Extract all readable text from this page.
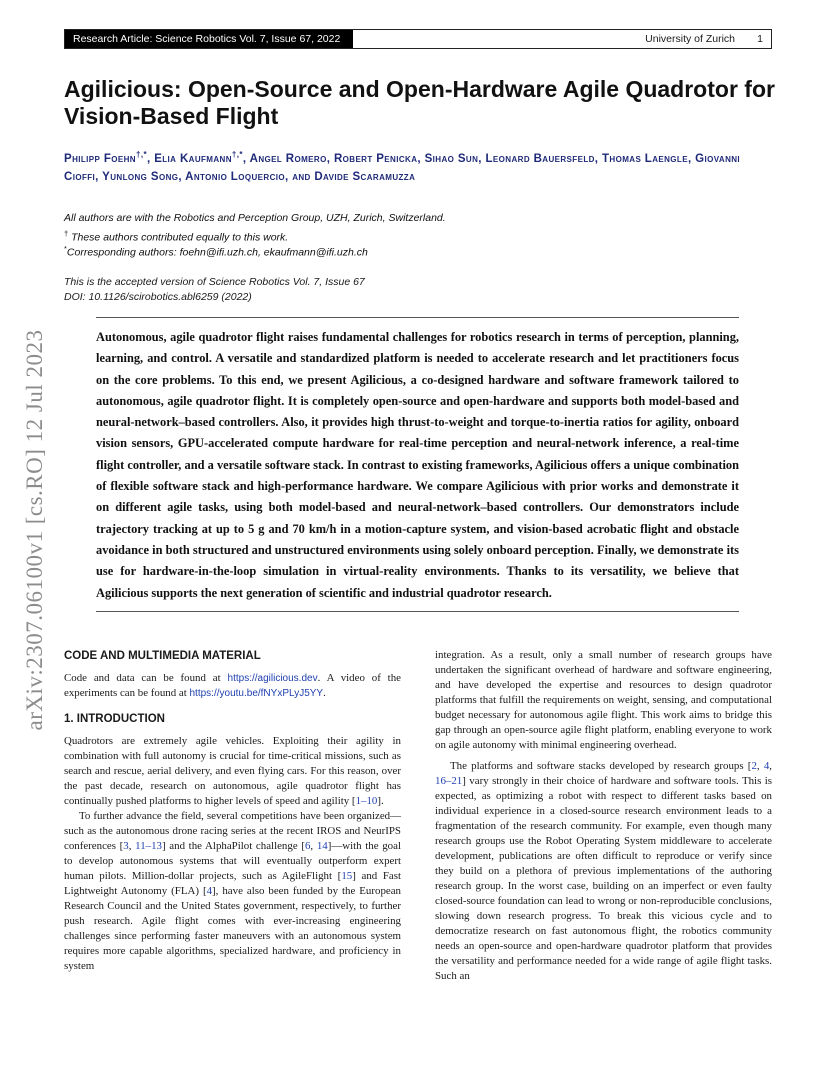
Research Article: Science Robotics Vol. 7, Issue 67, 2022	University of Zurich 1
arXiv:2307.06100v1 [cs.RO] 12 Jul 2023
Agilicious: Open-Source and Open-Hardware Agile Quadrotor for Vision-Based Flight
Philipp Foehn†,*, Elia Kaufmann†,*, Angel Romero, Robert Penicka, Sihao Sun, Leonard Bauersfeld, Thomas Laengle, Giovanni Cioffi, Yunlong Song, Antonio Loquercio, and Davide Scaramuzza
All authors are with the Robotics and Perception Group, UZH, Zurich, Switzerland.
† These authors contributed equally to this work.
*Corresponding authors: foehn@ifi.uzh.ch, ekaufmann@ifi.uzh.ch
This is the accepted version of Science Robotics Vol. 7, Issue 67
DOI: 10.1126/scirobotics.abl6259 (2022)
Autonomous, agile quadrotor flight raises fundamental challenges for robotics research in terms of perception, planning, learning, and control. A versatile and standardized platform is needed to accelerate research and let practitioners focus on the core problems. To this end, we present Agilicious, a co-designed hardware and software framework tailored to autonomous, agile quadrotor flight. It is completely open-source and open-hardware and supports both model-based and neural-network–based controllers. Also, it provides high thrust-to-weight and torque-to-inertia ratios for agility, onboard vision sensors, GPU-accelerated compute hardware for real-time perception and neural-network inference, a real-time flight controller, and a versatile software stack. In contrast to existing frameworks, Agilicious offers a unique combination of flexible software stack and high-performance hardware. We compare Agilicious with prior works and demonstrate it on different agile tasks, using both model-based and neural-network–based controllers. Our demonstrators include trajectory tracking at up to 5 g and 70 km/h in a motion-capture system, and vision-based acrobatic flight and obstacle avoidance in both structured and unstructured environments using solely onboard perception. Finally, we demonstrate its use for hardware-in-the-loop simulation in virtual-reality environments. Thanks to its versatility, we believe that Agilicious supports the next generation of scientific and industrial quadrotor research.
CODE AND MULTIMEDIA MATERIAL

Code and data can be found at https://agilicious.dev. A video of the experiments can be found at https://youtu.be/fNYxPLyJ5YY.

1. INTRODUCTION

Quadrotors are extremely agile vehicles. Exploiting their agility in combination with full autonomy is crucial for time-critical missions, such as search and rescue, aerial delivery, and even flying cars. For this reason, over the past decade, research on autonomous, agile quadrotor flight has continually pushed platforms to higher levels of speed and agility [1–10].

To further advance the field, several competitions have been organized—such as the autonomous drone racing series at the recent IROS and NeurIPS conferences [3, 11–13] and the AlphaPilot challenge [6, 14]—with the goal to develop autonomous systems that will eventually outperform expert human pilots. Million-dollar projects, such as AgileFlight [15] and Fast Lightweight Autonomy (FLA) [4], have also been funded by the European Research Council and the United States government, respectively, to further push research. Agile flight comes with ever-increasing engineering challenges since performing faster maneuvers with an autonomous system requires more capable algorithms, specialized hardware, and proficiency in system

integration. As a result, only a small number of research groups have undertaken the significant overhead of hardware and software engineering, and have developed the expertise and resources to design quadrotor platforms that fulfill the requirements on weight, sensing, and computational budget necessary for autonomous agile flight. This work aims to bridge this gap through an open-source agile flight platform, enabling everyone to work on agile autonomy with minimal engineering overhead.

The platforms and software stacks developed by research groups [2, 4, 16–21] vary strongly in their choice of hardware and software tools. This is expected, as optimizing a robot with respect to different tasks based on individual experience in a closed-source research environment leads to a fragmentation of the research community. For example, even though many research groups use the Robot Operating System middleware to accelerate development, publications are often difficult to reproduce or verify since they build on a plethora of previous implementations of the authoring research group. In the worst case, building on an imperfect or even faulty closed-source foundation can lead to wrong or non-reproducible conclusions, slowing down research progress. To break this vicious cycle and to democratize research on fast autonomous flight, the robotics community needs an open-source and open-hardware quadrotor platform that provides the versatility and performance needed for a wide range of agile flight tasks. Such an
